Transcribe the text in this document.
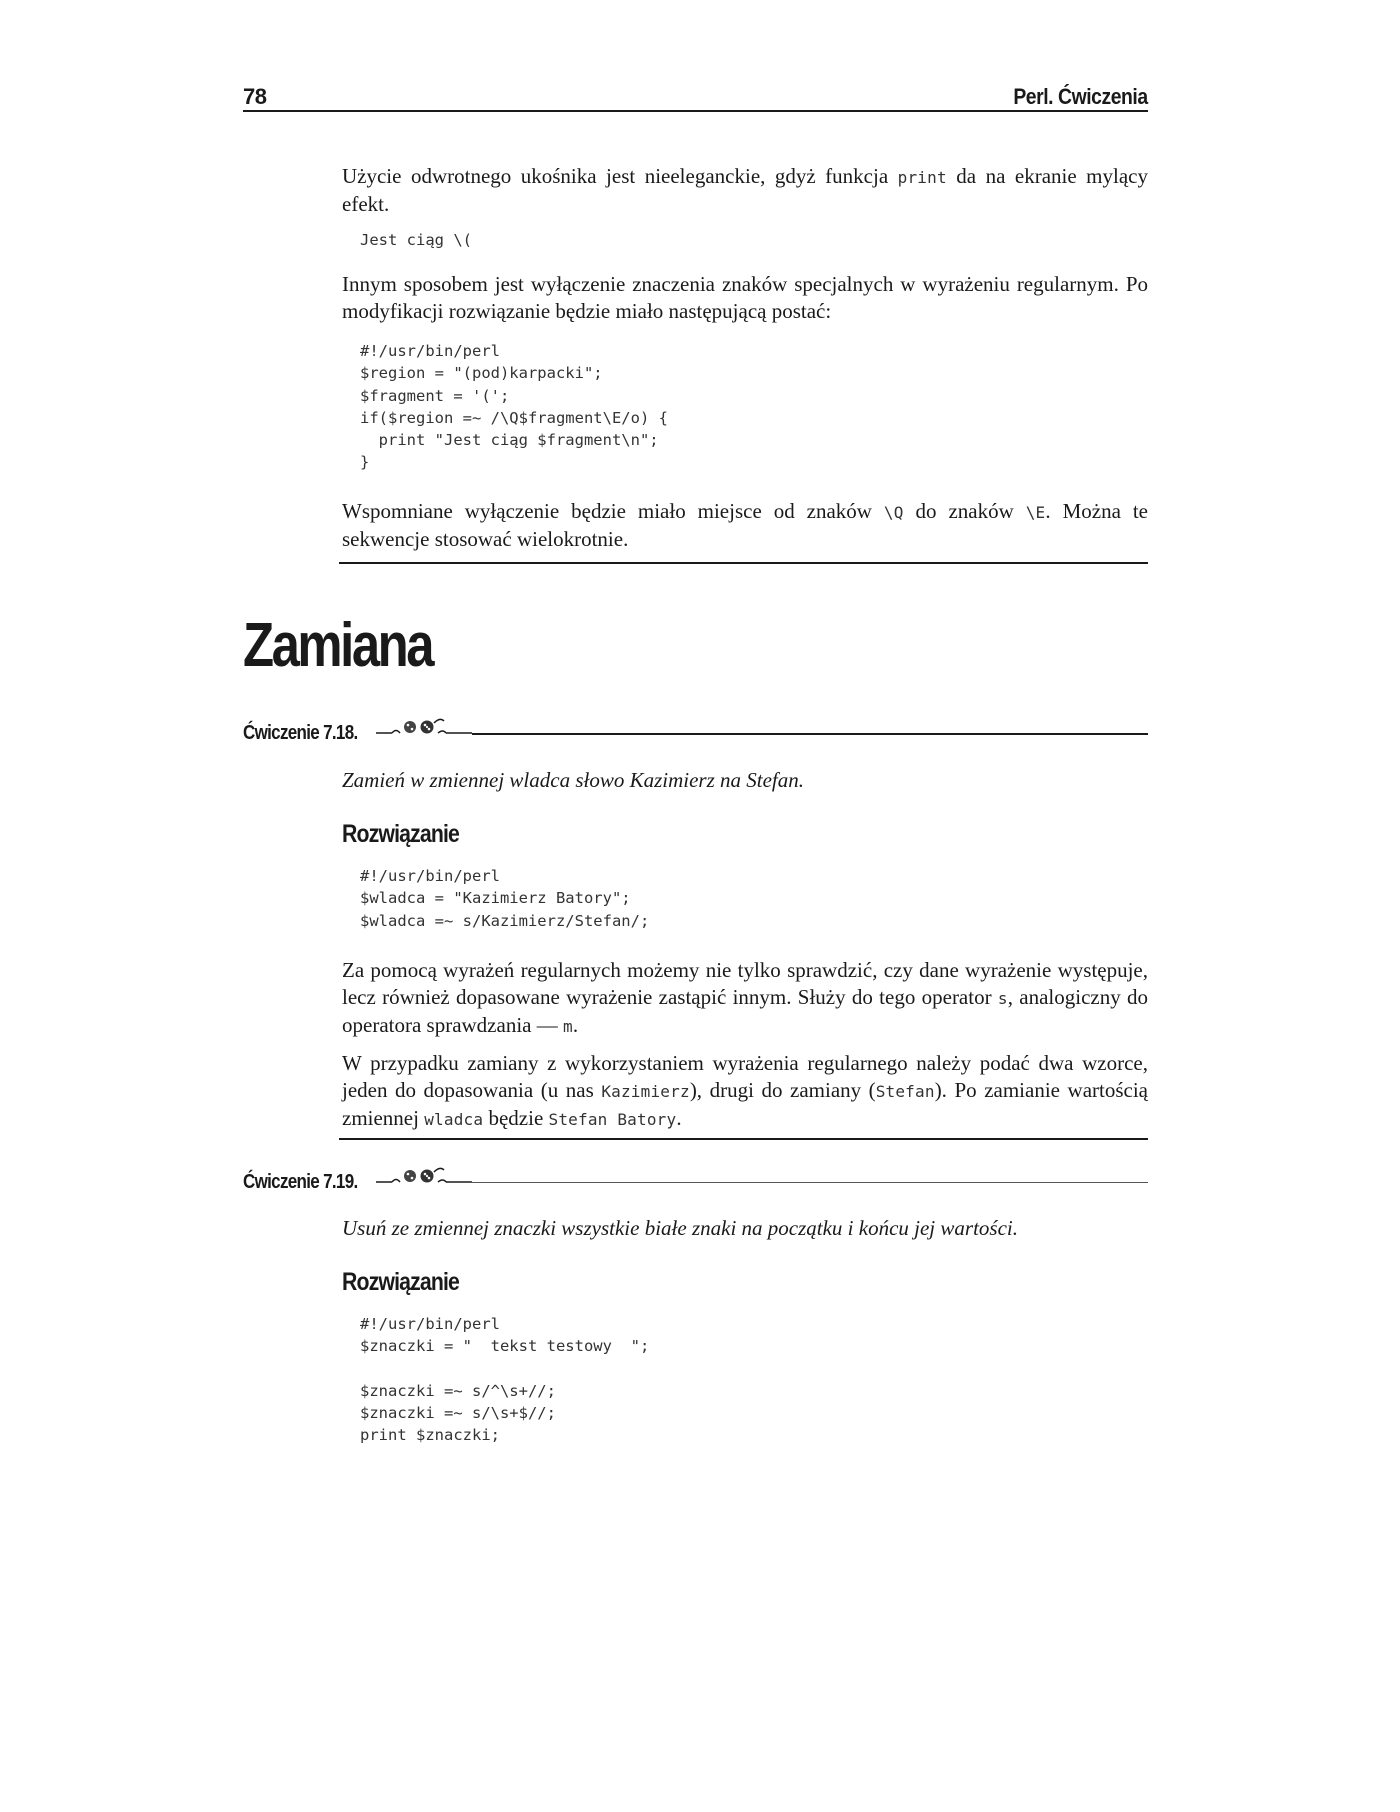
78	Perl. Ćwiczenia

Użycie odwrotnego ukośnika jest nieeleganckie, gdyż funkcja print da na ekranie mylący efekt.

Jest ciąg \(

Innym sposobem jest wyłączenie znaczenia znaków specjalnych w wyrażeniu regularnym. Po modyfikacji rozwiązanie będzie miało następującą postać:

#!/usr/bin/perl
$region = "(pod)karpacki";
$fragment = '(';
if($region =~ /\Q$fragment\E/o) {
print "Jest ciąg $fragment\n";
}

Wspomniane wyłączenie będzie miało miejsce od znaków \Q do znaków \E. Można te sekwencje stosować wielokrotnie.

Zamiana
Ćwiczenie 7.18.

Zamień w zmiennej wladca słowo Kazimierz na Stefan.

Rozwiązanie
#!/usr/bin/perl
$wladca = "Kazimierz Batory";
$wladca =~ s/Kazimierz/Stefan/;

Za pomocą wyrażeń regularnych możemy nie tylko sprawdzić, czy dane wyrażenie występuje, lecz również dopasowane wyrażenie zastąpić innym. Służy do tego operator s, analogiczny do operatora sprawdzania — m.

W przypadku zamiany z wykorzystaniem wyrażenia regularnego należy podać dwa wzorce, jeden do dopasowania (u nas Kazimierz), drugi do zamiany (Stefan). Po zamianie wartością zmiennej wladca będzie Stefan Batory.

Ćwiczenie 7.19.

Usuń ze zmiennej znaczki wszystkie białe znaki na początku i końcu jej wartości.

Rozwiązanie
#!/usr/bin/perl
$znaczki = "  tekst testowy  ";

$znaczki =~ s/^\s+//;
$znaczki =~ s/\s+$//;
print $znaczki;
